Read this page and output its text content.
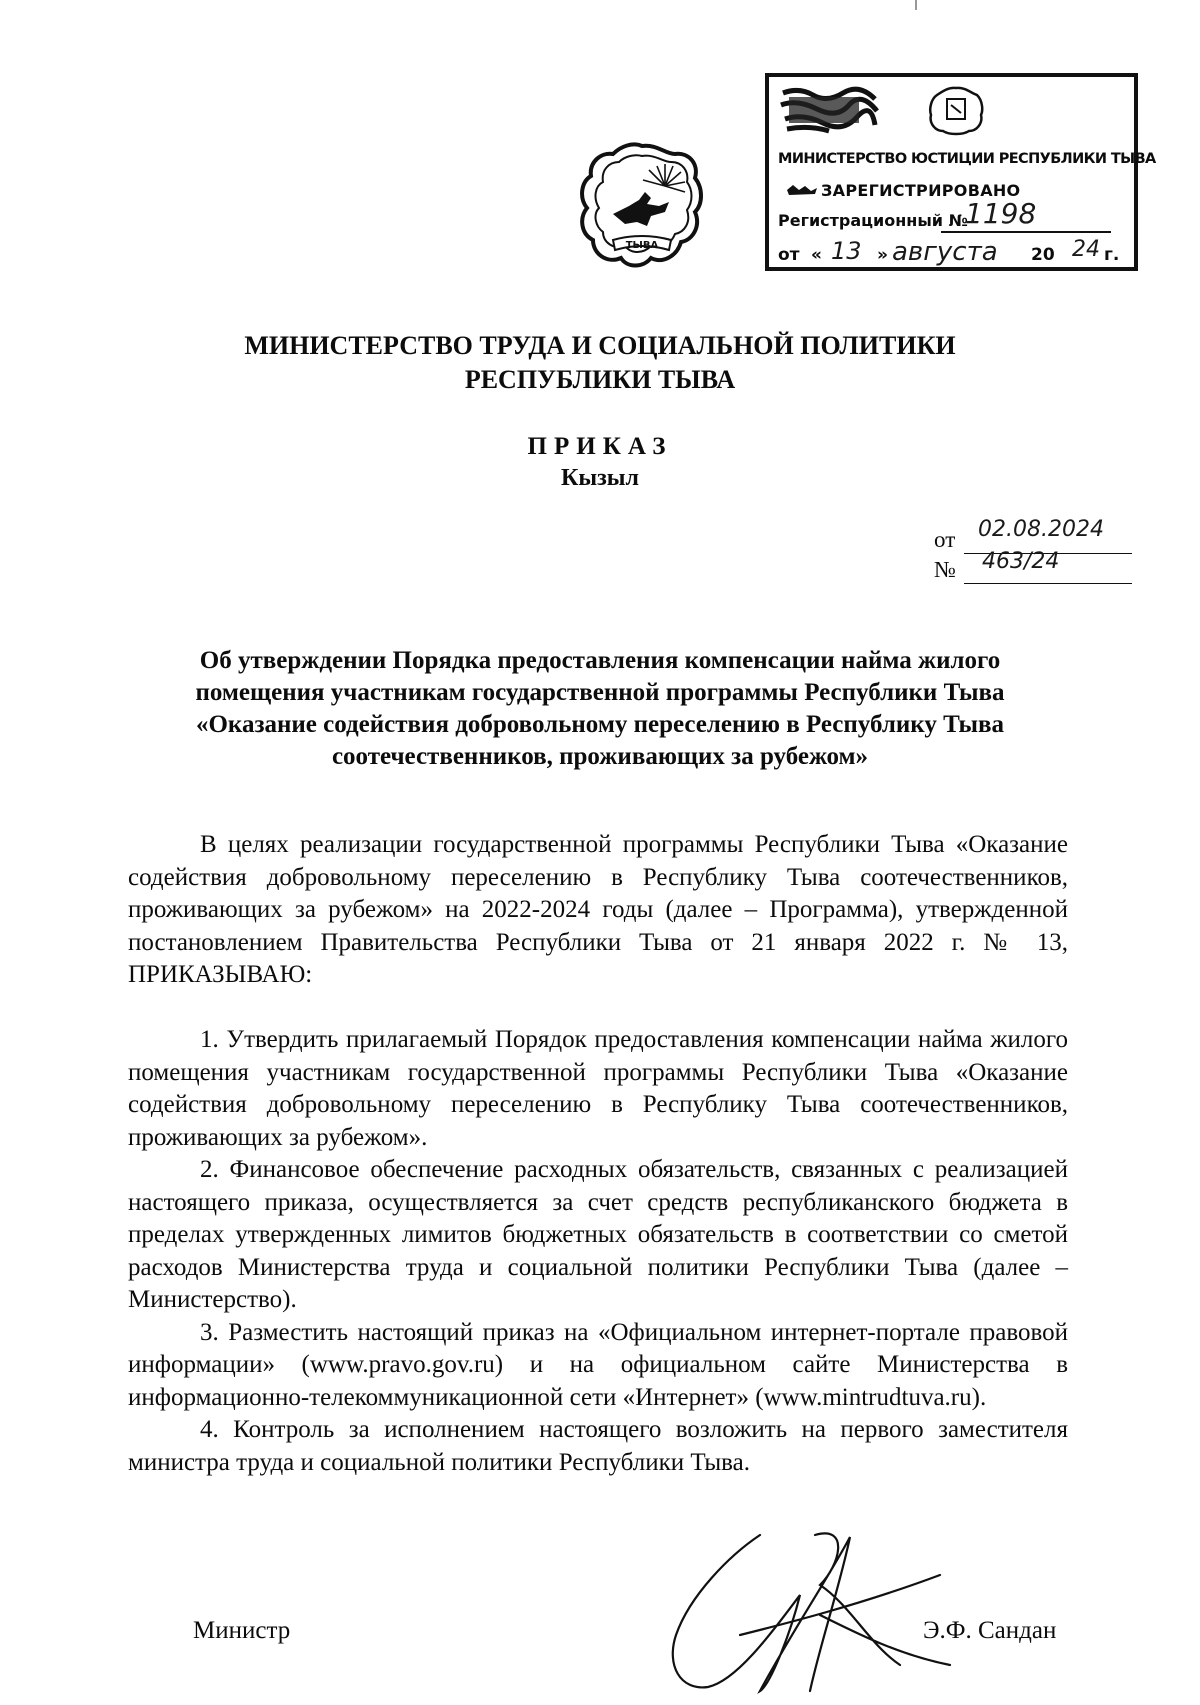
ТЫВА
МИНИСТЕРСТВО ЮСТИЦИИ РЕСПУБЛИКИ ТЫВА
ЗАРЕГИСТРИРОВАНО
Регистрационный №
1198
от « 13 » августа 20 24 г.
МИНИСТЕРСТВО ТРУДА И СОЦИАЛЬНОЙ ПОЛИТИКИ
РЕСПУБЛИКИ ТЫВА
ПРИКАЗ
Кызыл
от 02.08.2024
№ 463/24
Об утверждении Порядка предоставления компенсации найма жилого
помещения участникам государственной программы Республики Тыва
«Оказание содействия добровольному переселению в Республику Тыва
соотечественников, проживающих за рубежом»

В целях реализации государственной программы Республики Тыва «Оказание содействия добровольному переселению в Республику Тыва соотечественников, проживающих за рубежом» на 2022-2024 годы (далее – Программа), утвержденной постановлением Правительства Республики Тыва от 21 января 2022 г. № 13, ПРИКАЗЫВАЮ:

1. Утвердить прилагаемый Порядок предоставления компенсации найма жилого помещения участникам государственной программы Республики Тыва «Оказание содействия добровольному переселению в Республику Тыва соотечественников, проживающих за рубежом».

2. Финансовое обеспечение расходных обязательств, связанных с реализацией настоящего приказа, осуществляется за счет средств республиканского бюджета в пределах утвержденных лимитов бюджетных обязательств в соответствии со сметой расходов Министерства труда и социальной политики Республики Тыва (далее – Министерство).

3. Разместить настоящий приказ на «Официальном интернет-портале правовой информации» (www.pravo.gov.ru) и на официальном сайте Министерства в информационно-телекоммуникационной сети «Интернет» (www.mintrudtuva.ru).

4. Контроль за исполнением настоящего возложить на первого заместителя министра труда и социальной политики Республики Тыва.

Министр	Э.Ф. Сандан
